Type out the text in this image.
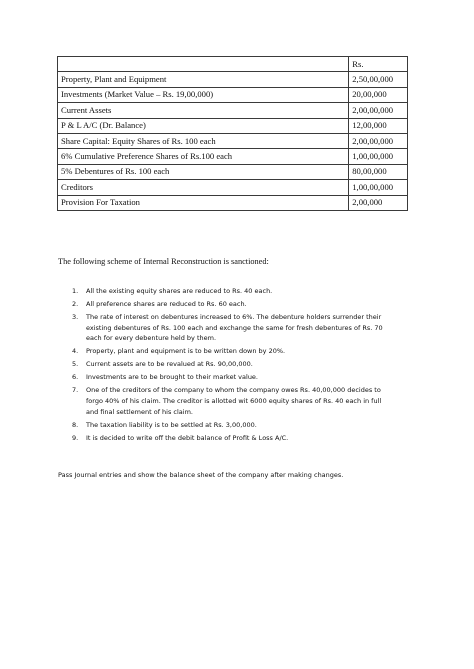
	Rs.
Property, Plant and Equipment	2,50,00,000
Investments (Market Value – Rs. 19,00,000)	20,00,000
Current Assets	2,00,00,000
P & L A/C (Dr. Balance)	12,00,000
Share Capital: Equity Shares of Rs. 100 each	2,00,00,000
6% Cumulative Preference Shares of Rs.100 each	1,00,00,000
5% Debentures of Rs. 100 each	80,00,000
Creditors	1,00,00,000
Provision For Taxation	2,00,000
The following scheme of Internal Reconstruction is sanctioned:
1. All the existing equity shares are reduced to Rs. 40 each.
2. All preference shares are reduced to Rs. 60 each.
3. The rate of interest on debentures increased to 6%. The debenture holders surrender their
existing debentures of Rs. 100 each and exchange the same for fresh debentures of Rs. 70
each for every debenture held by them.
4. Property, plant and equipment is to be written down by 20%.
5. Current assets are to be revalued at Rs. 90,00,000.
6. Investments are to be brought to their market value.
7. One of the creditors of the company to whom the company owes Rs. 40,00,000 decides to
forgo 40% of his claim. The creditor is allotted wit 6000 equity shares of Rs. 40 each in full
and final settlement of his claim.
8. The taxation liability is to be settled at Rs. 3,00,000.
9. It is decided to write off the debit balance of Profit & Loss A/C.
Pass Journal entries and show the balance sheet of the company after making changes.
